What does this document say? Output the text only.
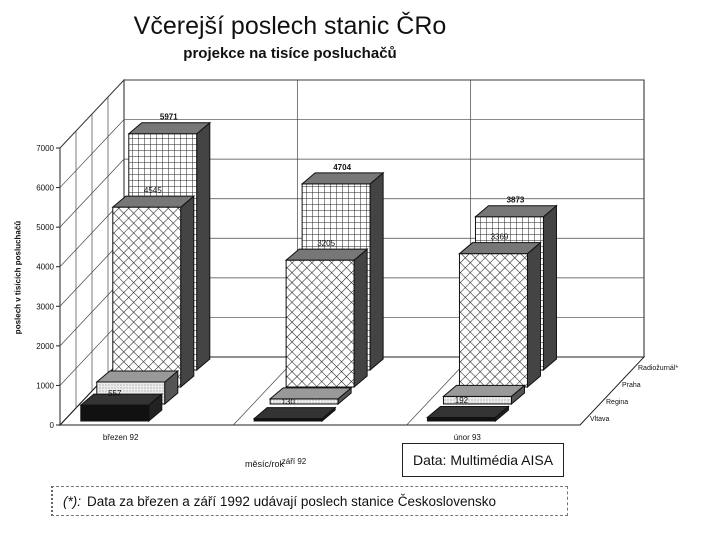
0
1000
2000
3000
4000
5000
6000
7000
březen 92
září 92
únor 93
Vltava
Regina
Praha
Radiožurnál*
5971
4704
3873
4545
3205
3369
557
130	192
Včerejší poslech stanic ČRo
projekce na tisíce posluchačů
poslech v tisících posluchačů
měsíc/rok	Data: Multimédia AISA
(*): Data za březen a září 1992 udávají poslech stanice Československo
